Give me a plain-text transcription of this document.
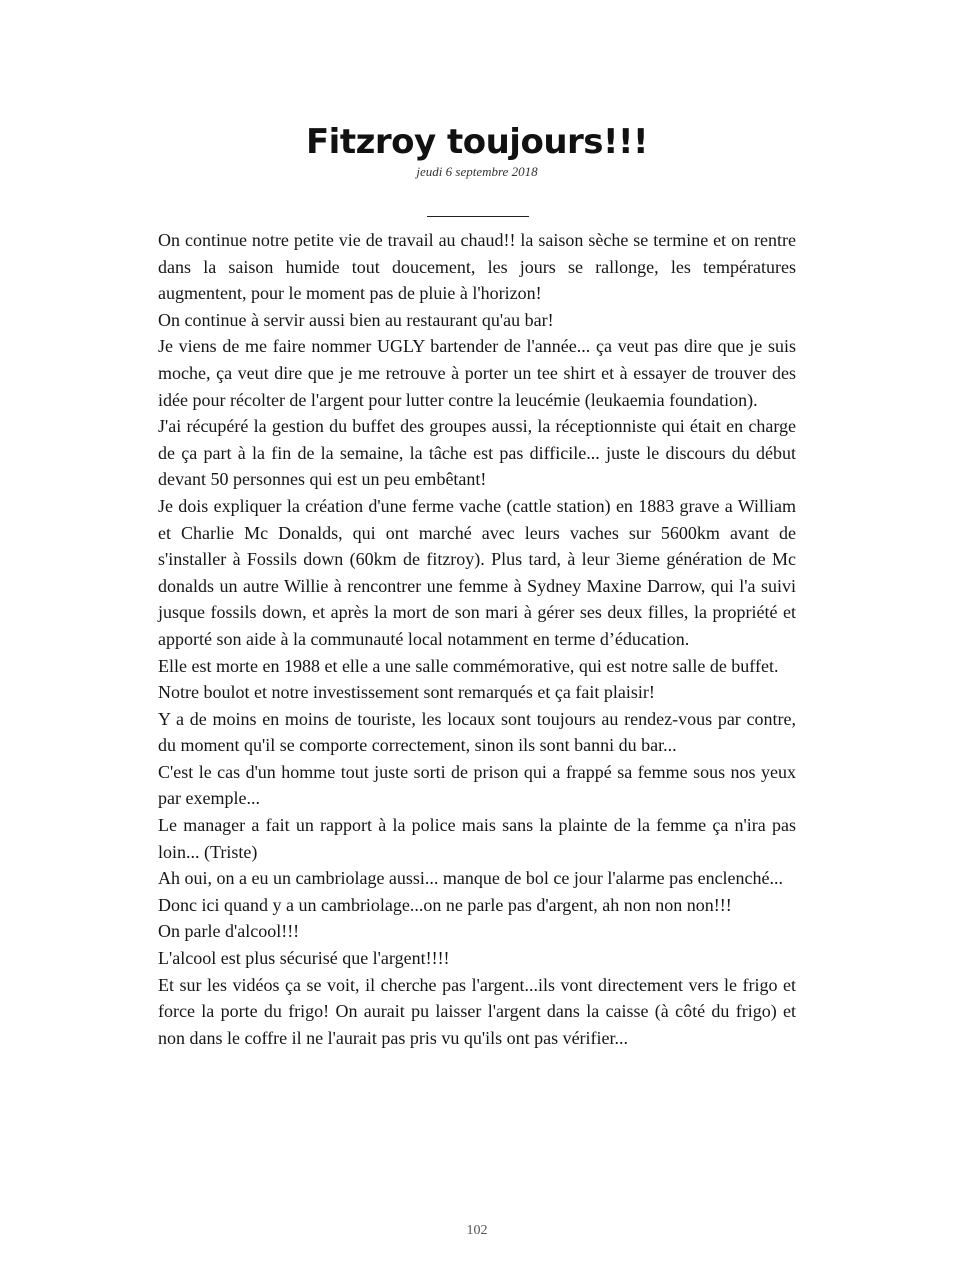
Fitzroy toujours!!!
jeudi 6 septembre 2018

On continue notre petite vie de travail au chaud!! la saison sèche se termine et on rentre dans la saison humide tout doucement, les jours se rallonge, les températures augmentent, pour le moment pas de pluie à l'horizon!

On continue à servir aussi bien au restaurant qu'au bar!

Je viens de me faire nommer UGLY bartender de l'année... ça veut pas dire que je suis moche, ça veut dire que je me retrouve à porter un tee shirt et à essayer de trouver des idée pour récolter de l'argent pour lutter contre la leucémie (leukaemia foundation).

J'ai récupéré la gestion du buffet des groupes aussi, la réceptionniste qui était en charge de ça part à la fin de la semaine, la tâche est pas difficile... juste le discours du début devant 50 personnes qui est un peu embêtant!

Je dois expliquer la création d'une ferme vache (cattle station) en 1883 grave a William et Charlie Mc Donalds, qui ont marché avec leurs vaches sur 5600km avant de s'installer à Fossils down (60km de fitzroy). Plus tard, à leur 3ieme génération de Mc donalds un autre Willie à rencontrer une femme à Sydney Maxine Darrow, qui l'a suivi jusque fossils down, et après la mort de son mari à gérer ses deux filles, la propriété et apporté son aide à la communauté local notamment en terme d’éducation.

Elle est morte en 1988 et elle a une salle commémorative, qui est notre salle de buffet.

Notre boulot et notre investissement sont remarqués et ça fait plaisir!

Y a de moins en moins de touriste, les locaux sont toujours au rendez-vous par contre, du moment qu'il se comporte correctement, sinon ils sont banni du bar...

C'est le cas d'un homme tout juste sorti de prison qui a frappé sa femme sous nos yeux par exemple...

Le manager a fait un rapport à la police mais sans la plainte de la femme ça n'ira pas loin... (Triste)

Ah oui, on a eu un cambriolage aussi... manque de bol ce jour l'alarme pas enclenché...

Donc ici quand y a un cambriolage...on ne parle pas d'argent, ah non non non!!!

On parle d'alcool!!!

L'alcool est plus sécurisé que l'argent!!!!

Et sur les vidéos ça se voit, il cherche pas l'argent...ils vont directement vers le frigo et force la porte du frigo! On aurait pu laisser l'argent dans la caisse (à côté du frigo) et non dans le coffre il ne l'aurait pas pris vu qu'ils ont pas vérifier...

102
